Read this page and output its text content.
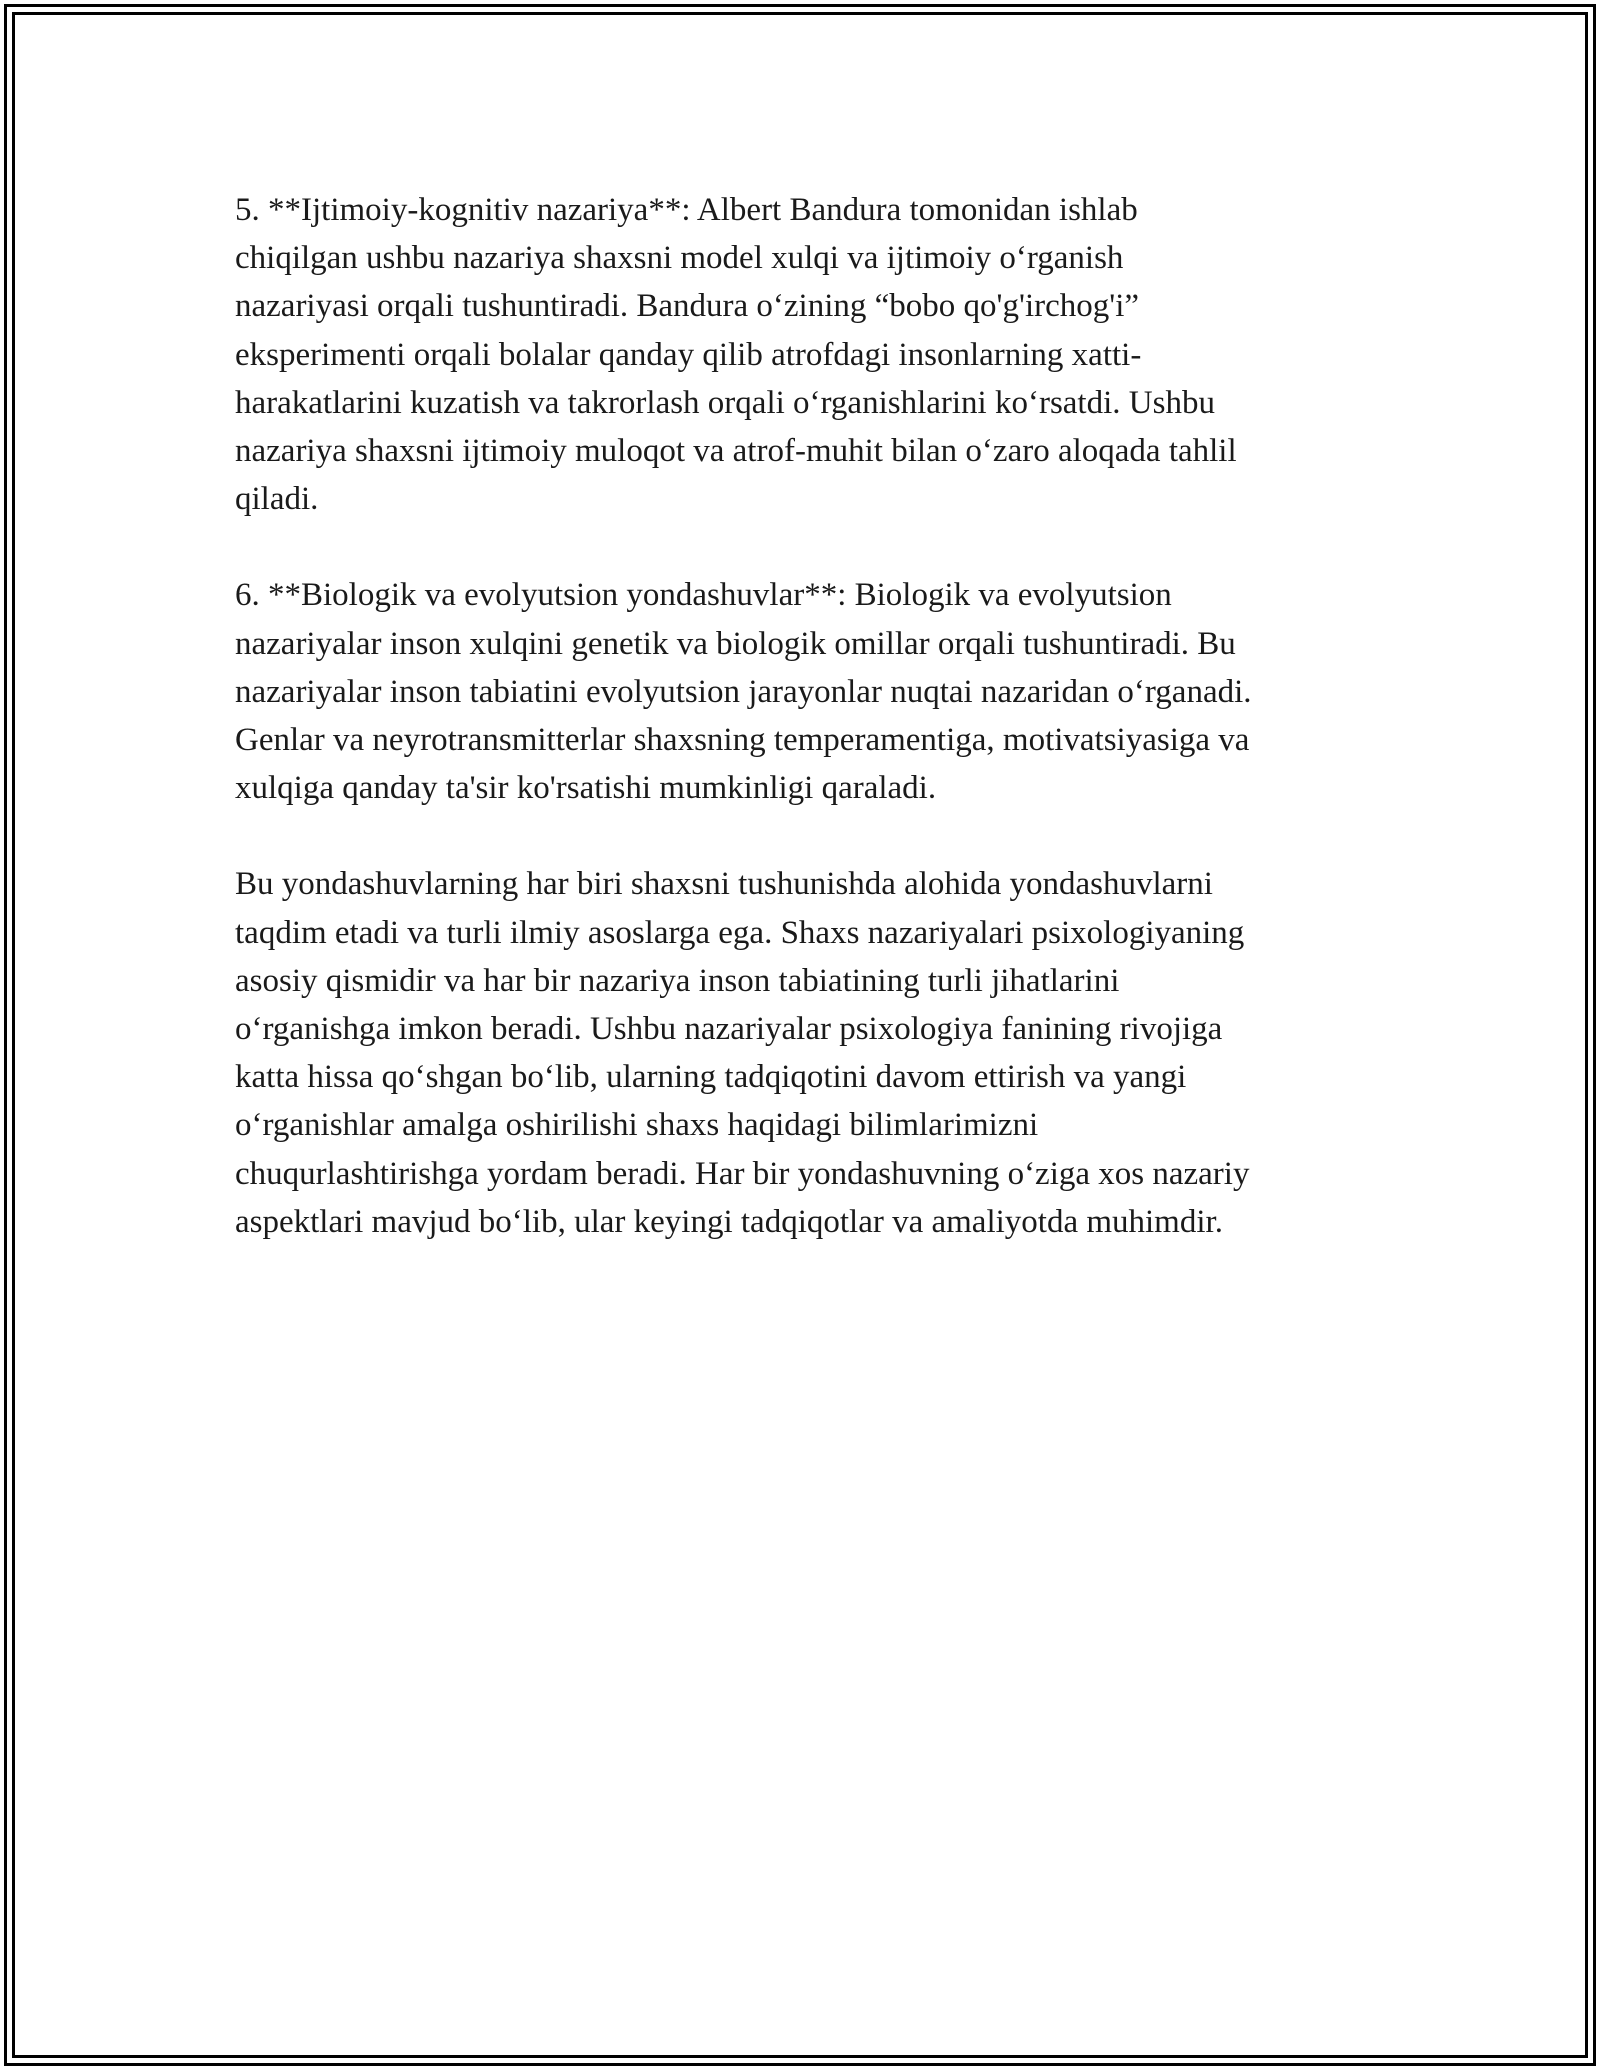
5. **Ijtimoiy-kognitiv nazariya**: Albert Bandura tomonidan ishlab
chiqilgan ushbu nazariya shaxsni model xulqi va ijtimoiy o‘rganish
nazariyasi orqali tushuntiradi. Bandura o‘zining “bobo qo'g'irchog'i”
eksperimenti orqali bolalar qanday qilib atrofdagi insonlarning xatti-
harakatlarini kuzatish va takrorlash orqali o‘rganishlarini ko‘rsatdi. Ushbu
nazariya shaxsni ijtimoiy muloqot va atrof-muhit bilan o‘zaro aloqada tahlil
qiladi.

6. **Biologik va evolyutsion yondashuvlar**: Biologik va evolyutsion
nazariyalar inson xulqini genetik va biologik omillar orqali tushuntiradi. Bu
nazariyalar inson tabiatini evolyutsion jarayonlar nuqtai nazaridan o‘rganadi.
Genlar va neyrotransmitterlar shaxsning temperamentiga, motivatsiyasiga va
xulqiga qanday ta'sir ko'rsatishi mumkinligi qaraladi.

Bu yondashuvlarning har biri shaxsni tushunishda alohida yondashuvlarni
taqdim etadi va turli ilmiy asoslarga ega. Shaxs nazariyalari psixologiyaning
asosiy qismidir va har bir nazariya inson tabiatining turli jihatlarini
o‘rganishga imkon beradi. Ushbu nazariyalar psixologiya fanining rivojiga
katta hissa qo‘shgan bo‘lib, ularning tadqiqotini davom ettirish va yangi
o‘rganishlar amalga oshirilishi shaxs haqidagi bilimlarimizni
chuqurlashtirishga yordam beradi. Har bir yondashuvning o‘ziga xos nazariy
aspektlari mavjud bo‘lib, ular keyingi tadqiqotlar va amaliyotda muhimdir.
